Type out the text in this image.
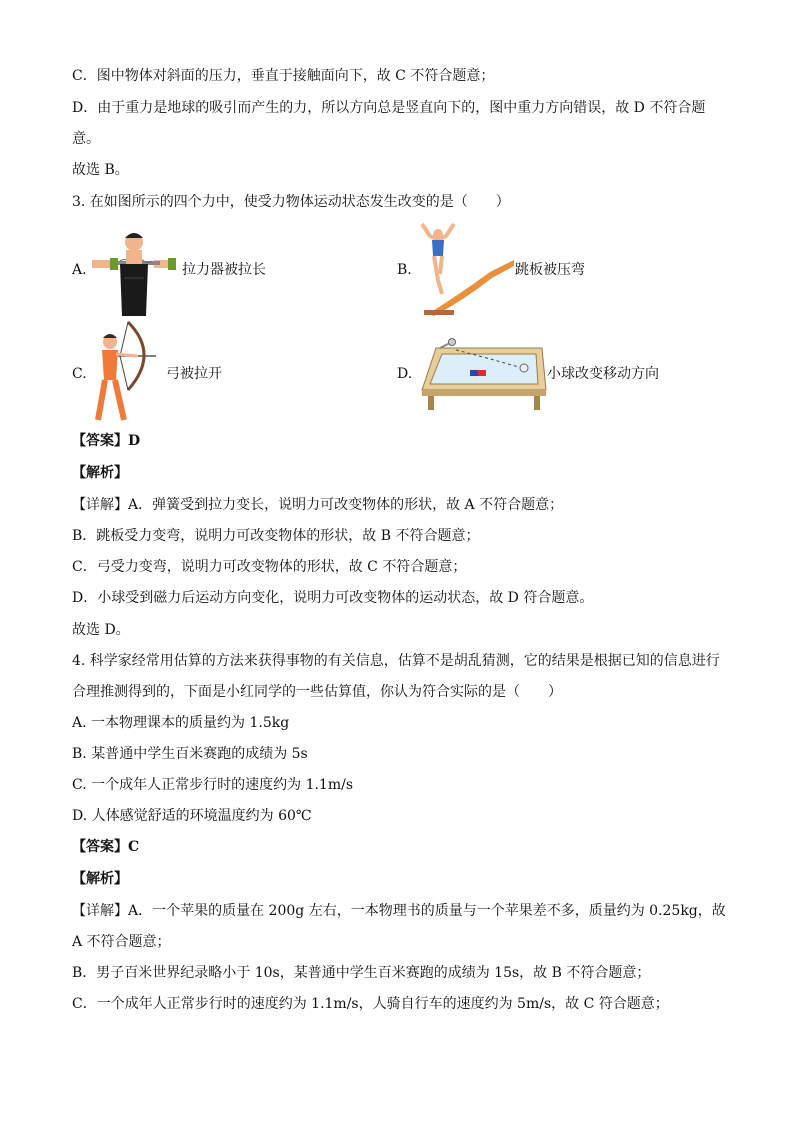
C．图中物体对斜面的压力，垂直于接触面向下，故 C 不符合题意；
D．由于重力是地球的吸引而产生的力，所以方向总是竖直向下的，图中重力方向错误，故 D 不符合题
意。
故选 B。
3. 在如图所示的四个力中，使受力物体运动状态发生改变的是（　　）
A.	拉力器被拉长	B.	跳板被压弯
C.	弓被拉开	D.	小球改变移动方向
【答案】D
【解析】
【详解】A．弹簧受到拉力变长，说明力可改变物体的形状，故 A 不符合题意；
B．跳板受力变弯，说明力可改变物体的形状，故 B 不符合题意；
C．弓受力变弯，说明力可改变物体的形状，故 C 不符合题意；
D．小球受到磁力后运动方向变化，说明力可改变物体的运动状态，故 D 符合题意。
故选 D。
4. 科学家经常用估算的方法来获得事物的有关信息，估算不是胡乱猜测，它的结果是根据已知的信息进行
合理推测得到的，下面是小红同学的一些估算值，你认为符合实际的是（　　）
A. 一本物理课本的质量约为 1.5kg
B. 某普通中学生百米赛跑的成绩为 5s
C. 一个成年人正常步行时的速度约为 1.1m/s
D. 人体感觉舒适的环境温度约为 60℃
【答案】C
【解析】
【详解】A．一个苹果的质量在 200g 左右，一本物理书的质量与一个苹果差不多，质量约为 0.25kg，故
A 不符合题意；
B．男子百米世界纪录略小于 10s，某普通中学生百米赛跑的成绩为 15s，故 B 不符合题意；
C．一个成年人正常步行时的速度约为 1.1m/s，人骑自行车的速度约为 5m/s，故 C 符合题意；
